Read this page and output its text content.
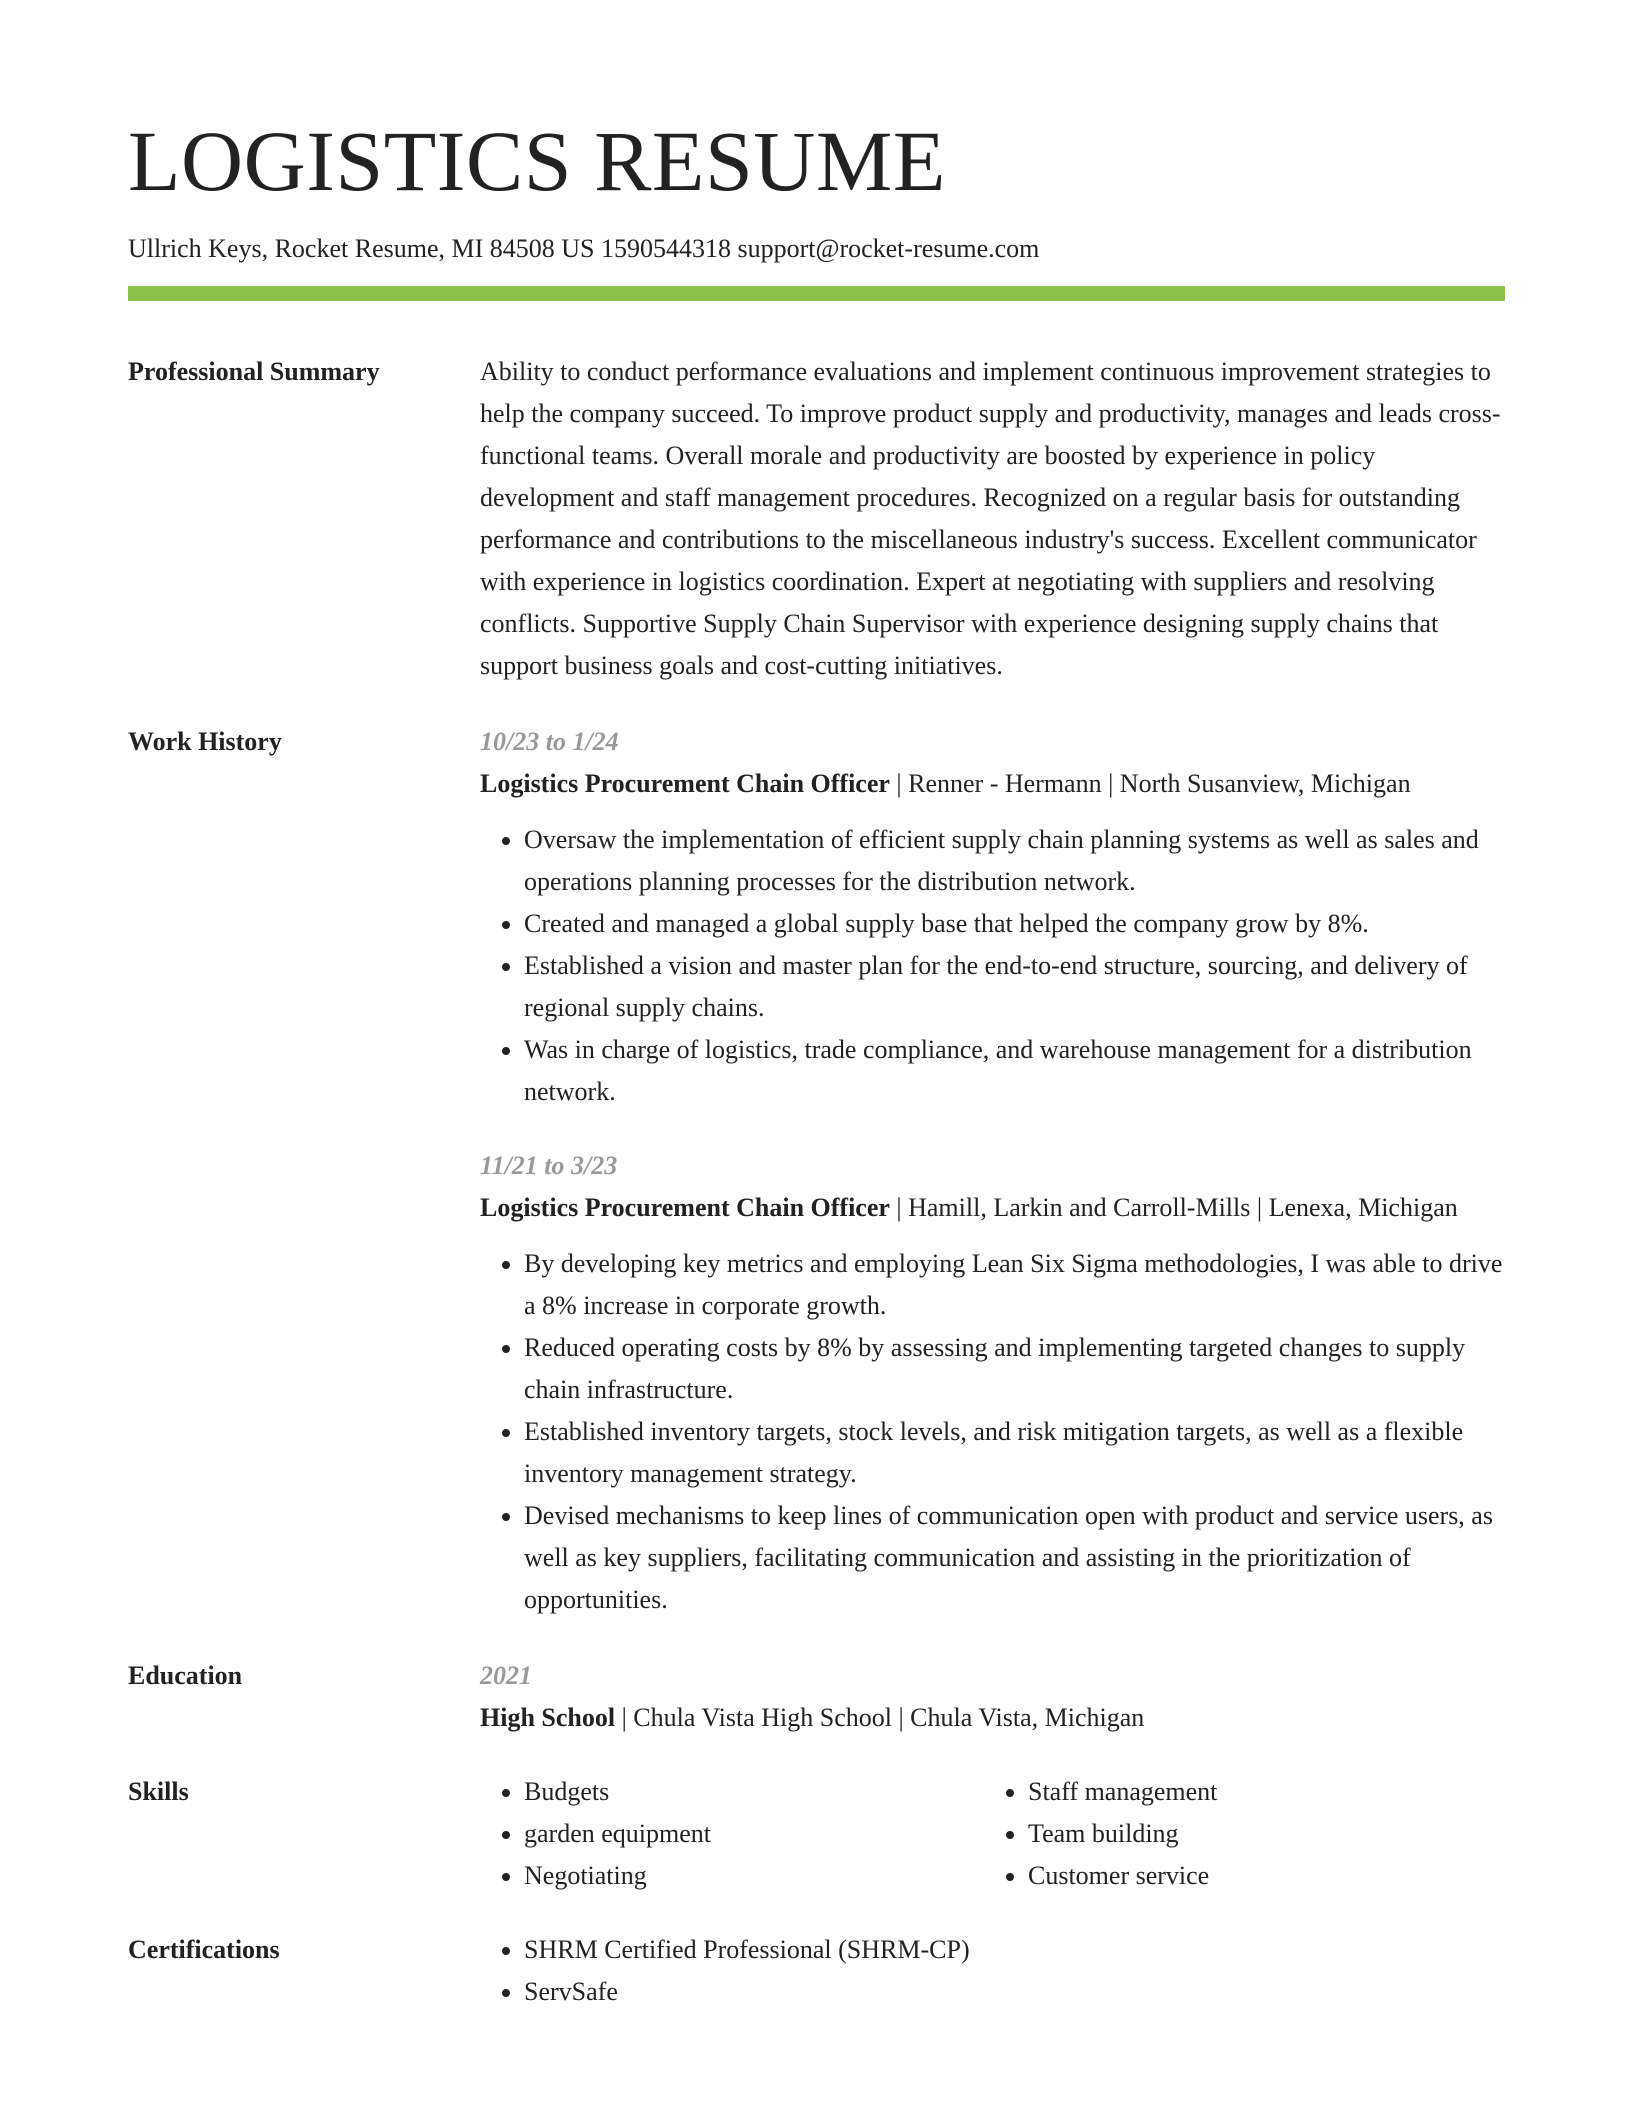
LOGISTICS RESUME
Ullrich Keys, Rocket Resume, MI 84508 US 1590544318 support@rocket-resume.com
Professional Summary	Ability to conduct performance evaluations and implement continuous improvement strategies to help the company succeed. To improve product supply and productivity, manages and leads cross-functional teams. Overall morale and productivity are boosted by experience in policy development and staff management procedures. Recognized on a regular basis for outstanding performance and contributions to the miscellaneous industry's success. Excellent communicator with experience in logistics coordination. Expert at negotiating with suppliers and resolving conflicts. Supportive Supply Chain Supervisor with experience designing supply chains that support business goals and cost-cutting initiatives.

Work History	10/23 to 1/24
Logistics Procurement Chain Officer | Renner - Hermann | North Susanview, Michigan
• Oversaw the implementation of efficient supply chain planning systems as well as sales and operations planning processes for the distribution network.
• Created and managed a global supply base that helped the company grow by 8%.
• Established a vision and master plan for the end-to-end structure, sourcing, and delivery of regional supply chains.
• Was in charge of logistics, trade compliance, and warehouse management for a distribution network.
11/21 to 3/23
Logistics Procurement Chain Officer | Hamill, Larkin and Carroll-Mills | Lenexa, Michigan
• By developing key metrics and employing Lean Six Sigma methodologies, I was able to drive a 8% increase in corporate growth.
• Reduced operating costs by 8% by assessing and implementing targeted changes to supply chain infrastructure.
• Established inventory targets, stock levels, and risk mitigation targets, as well as a flexible inventory management strategy.
• Devised mechanisms to keep lines of communication open with product and service users, as well as key suppliers, facilitating communication and assisting in the prioritization of opportunities.
Education	2021
High School | Chula Vista High School | Chula Vista, Michigan
Skills	• Budgets
• garden equipment
• Negotiating
• Staff management
• Team building
• Customer service
Certifications	• SHRM Certified Professional (SHRM-CP)
• ServSafe
